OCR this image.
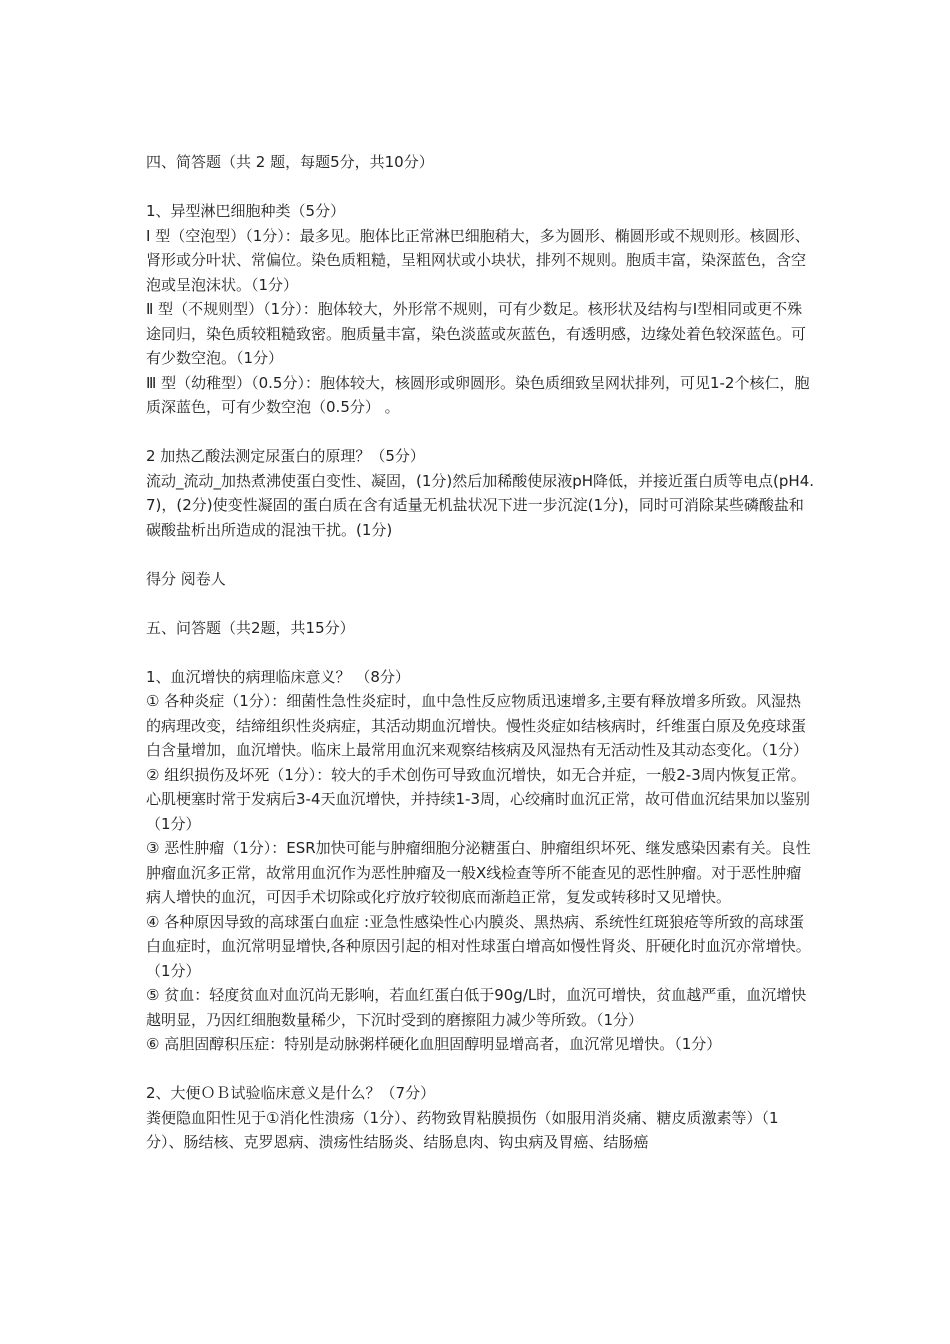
四、简答题（共 2 题，每题5分，共10分）

1、异型淋巴细胞种类（5分）

I 型（空泡型）（1分）：最多见。胞体比正常淋巴细胞稍大，多为圆形、椭圆形或不规则形。核圆形、肾形或分叶状、常偏位。染色质粗糙，呈粗网状或小块状，排列不规则。胞质丰富，染深蓝色，含空泡或呈泡沫状。（1分）

Ⅱ 型（不规则型）（1分）：胞体较大，外形常不规则，可有少数足。核形状及结构与Ⅰ型相同或更不殊途同归，染色质较粗糙致密。胞质量丰富，染色淡蓝或灰蓝色，有透明感，边缘处着色较深蓝色。可有少数空泡。（1分）

Ⅲ 型（幼稚型）（0.5分）：胞体较大，核圆形或卵圆形。染色质细致呈网状排列，可见1-2个核仁，胞质深蓝色，可有少数空泡（0.5分） 。

2 加热乙酸法测定尿蛋白的原理？（5分）

流动_流动_加热煮沸使蛋白变性、凝固，(1分)然后加稀酸使尿液pH降低，并接近蛋白质等电点(pH4.7)，(2分)使变性凝固的蛋白质在含有适量无机盐状况下进一步沉淀(1分)，同时可消除某些磷酸盐和碳酸盐析出所造成的混浊干扰。(1分)

得分 阅卷人

五、问答题（共2题，共15分）

1、血沉增快的病理临床意义？ （8分）

① 各种炎症（1分）：细菌性急性炎症时，血中急性反应物质迅速增多,主要有释放增多所致。风湿热的病理改变，结缔组织性炎病症，其活动期血沉增快。慢性炎症如结核病时，纤维蛋白原及免疫球蛋白含量增加，血沉增快。临床上最常用血沉来观察结核病及风湿热有无活动性及其动态变化。（1分）

② 组织损伤及坏死（1分）：较大的手术创伤可导致血沉增快，如无合并症，一般2-3周内恢复正常。心肌梗塞时常于发病后3-4天血沉增快，并持续1-3周，心绞痛时血沉正常，故可借血沉结果加以鉴别（1分）

③ 恶性肿瘤（1分）：ESR加快可能与肿瘤细胞分泌糖蛋白、肿瘤组织坏死、继发感染因素有关。良性肿瘤血沉多正常，故常用血沉作为恶性肿瘤及一般X线检查等所不能查见的恶性肿瘤。对于恶性肿瘤病人增快的血沉，可因手术切除或化疗放疗较彻底而渐趋正常，复发或转移时又见增快。

④ 各种原因导致的高球蛋白血症 :亚急性感染性心内膜炎、黑热病、系统性红斑狼疮等所致的高球蛋白血症时，血沉常明显增快,各种原因引起的相对性球蛋白增高如慢性肾炎、肝硬化时血沉亦常增快。（1分）

⑤ 贫血：轻度贫血对血沉尚无影响，若血红蛋白低于90g/L时，血沉可增快，贫血越严重，血沉增快越明显，乃因红细胞数量稀少，下沉时受到的磨擦阻力减少等所致。（1分）

⑥ 高胆固醇积压症：特别是动脉粥样硬化血胆固醇明显增高者，血沉常见增快。（1分）

2、大便ＯＢ试验临床意义是什么？（7分）

粪便隐血阳性见于①消化性溃疡（1分）、药物致胃粘膜损伤（如服用消炎痛、糖皮质激素等）（1分）、肠结核、克罗恩病、溃疡性结肠炎、结肠息肉、钩虫病及胃癌、结肠癌
